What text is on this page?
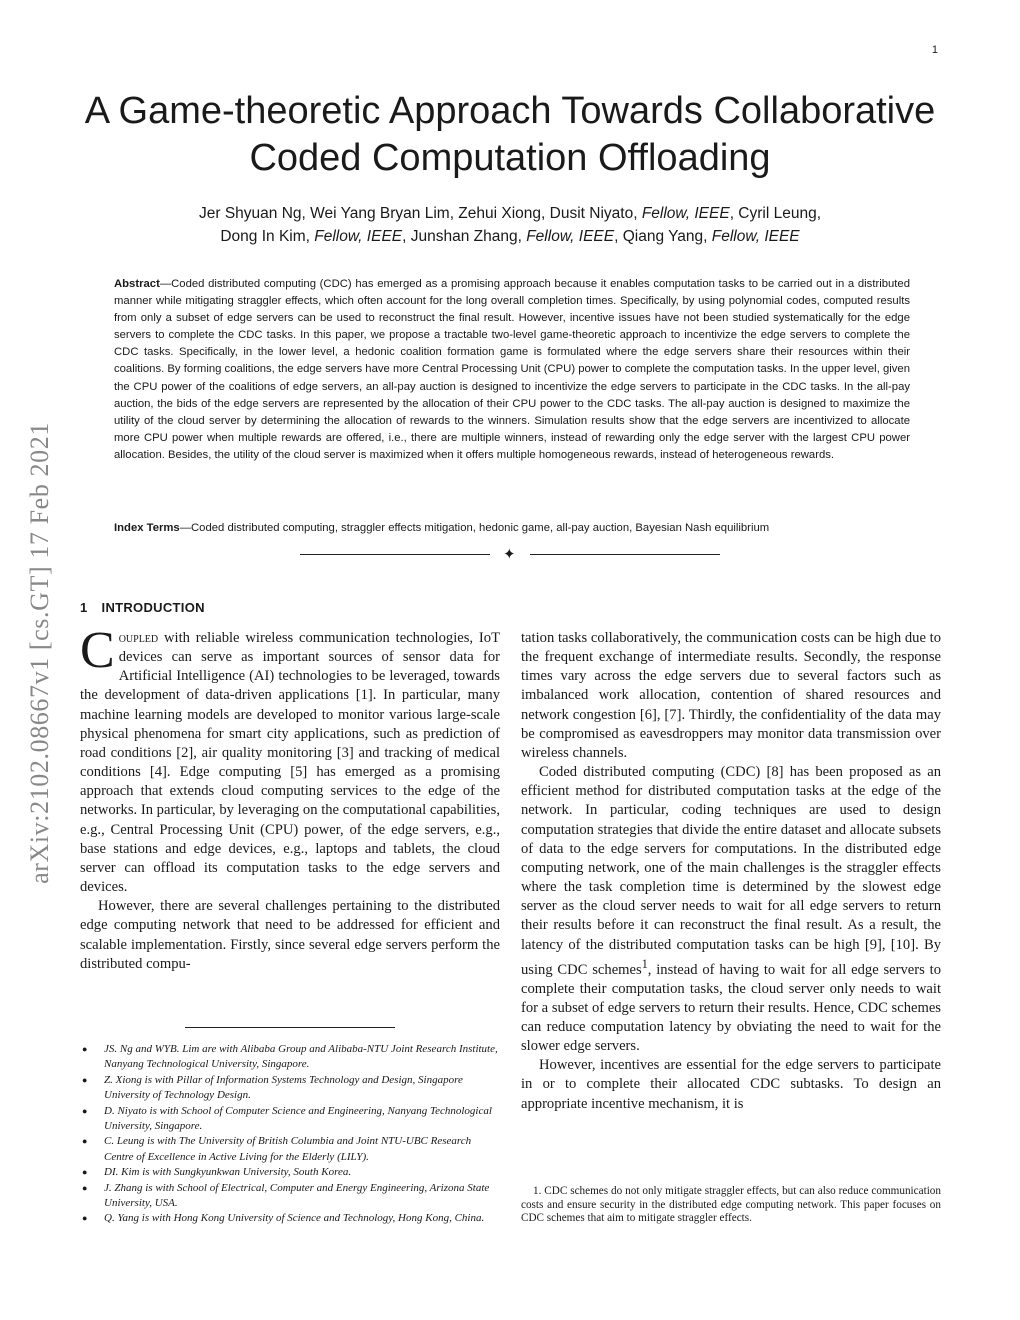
1
arXiv:2102.08667v1 [cs.GT] 17 Feb 2021
A Game-theoretic Approach Towards Collaborative Coded Computation Offloading
Jer Shyuan Ng, Wei Yang Bryan Lim, Zehui Xiong, Dusit Niyato, Fellow, IEEE, Cyril Leung,
Dong In Kim, Fellow, IEEE, Junshan Zhang, Fellow, IEEE, Qiang Yang, Fellow, IEEE

Abstract—Coded distributed computing (CDC) has emerged as a promising approach because it enables computation tasks to be carried out in a distributed manner while mitigating straggler effects, which often account for the long overall completion times. Specifically, by using polynomial codes, computed results from only a subset of edge servers can be used to reconstruct the final result. However, incentive issues have not been studied systematically for the edge servers to complete the CDC tasks. In this paper, we propose a tractable two-level game-theoretic approach to incentivize the edge servers to complete the CDC tasks. Specifically, in the lower level, a hedonic coalition formation game is formulated where the edge servers share their resources within their coalitions. By forming coalitions, the edge servers have more Central Processing Unit (CPU) power to complete the computation tasks. In the upper level, given the CPU power of the coalitions of edge servers, an all-pay auction is designed to incentivize the edge servers to participate in the CDC tasks. In the all-pay auction, the bids of the edge servers are represented by the allocation of their CPU power to the CDC tasks. The all-pay auction is designed to maximize the utility of the cloud server by determining the allocation of rewards to the winners. Simulation results show that the edge servers are incentivized to allocate more CPU power when multiple rewards are offered, i.e., there are multiple winners, instead of rewarding only the edge server with the largest CPU power allocation. Besides, the utility of the cloud server is maximized when it offers multiple homogeneous rewards, instead of heterogeneous rewards.

Index Terms—Coded distributed computing, straggler effects mitigation, hedonic game, all-pay auction, Bayesian Nash equilibrium

✦
1 INTRODUCTION

Coupled with reliable wireless communication technologies, IoT devices can serve as important sources of sensor data for Artificial Intelligence (AI) technologies to be leveraged, towards the development of data-driven applications [1]. In particular, many machine learning models are developed to monitor various large-scale physical phenomena for smart city applications, such as prediction of road conditions [2], air quality monitoring [3] and tracking of medical conditions [4]. Edge computing [5] has emerged as a promising approach that extends cloud computing services to the edge of the networks. In particular, by leveraging on the computational capabilities, e.g., Central Processing Unit (CPU) power, of the edge servers, e.g., base stations and edge devices, e.g., laptops and tablets, the cloud server can offload its computation tasks to the edge servers and devices.

However, there are several challenges pertaining to the distributed edge computing network that need to be addressed for efficient and scalable implementation. Firstly, since several edge servers perform the distributed compu-

● JS. Ng and WYB. Lim are with Alibaba Group and Alibaba-NTU Joint Research Institute, Nanyang Technological University, Singapore.
● Z. Xiong is with Pillar of Information Systems Technology and Design, Singapore University of Technology Design.
● D. Niyato is with School of Computer Science and Engineering, Nanyang Technological University, Singapore.
● C. Leung is with The University of British Columbia and Joint NTU-UBC Research Centre of Excellence in Active Living for the Elderly (LILY).
● DI. Kim is with Sungkyunkwan University, South Korea.
● J. Zhang is with School of Electrical, Computer and Energy Engineering, Arizona State University, USA.
● Q. Yang is with Hong Kong University of Science and Technology, Hong Kong, China.

tation tasks collaboratively, the communication costs can be high due to the frequent exchange of intermediate results. Secondly, the response times vary across the edge servers due to several factors such as imbalanced work allocation, contention of shared resources and network congestion [6], [7]. Thirdly, the confidentiality of the data may be compromised as eavesdroppers may monitor data transmission over wireless channels.

Coded distributed computing (CDC) [8] has been proposed as an efficient method for distributed computation tasks at the edge of the network. In particular, coding techniques are used to design computation strategies that divide the entire dataset and allocate subsets of data to the edge servers for computations. In the distributed edge computing network, one of the main challenges is the straggler effects where the task completion time is determined by the slowest edge server as the cloud server needs to wait for all edge servers to return their results before it can reconstruct the final result. As a result, the latency of the distributed computation tasks can be high [9], [10]. By using CDC schemes$^1$, instead of having to wait for all edge servers to complete their computation tasks, the cloud server only needs to wait for a subset of edge servers to return their results. Hence, CDC schemes can reduce computation latency by obviating the need to wait for the slower edge servers.

However, incentives are essential for the edge servers to participate in or to complete their allocated CDC subtasks. To design an appropriate incentive mechanism, it is

1. CDC schemes do not only mitigate straggler effects, but can also reduce communication costs and ensure security in the distributed edge computing network. This paper focuses on CDC schemes that aim to mitigate straggler effects.
